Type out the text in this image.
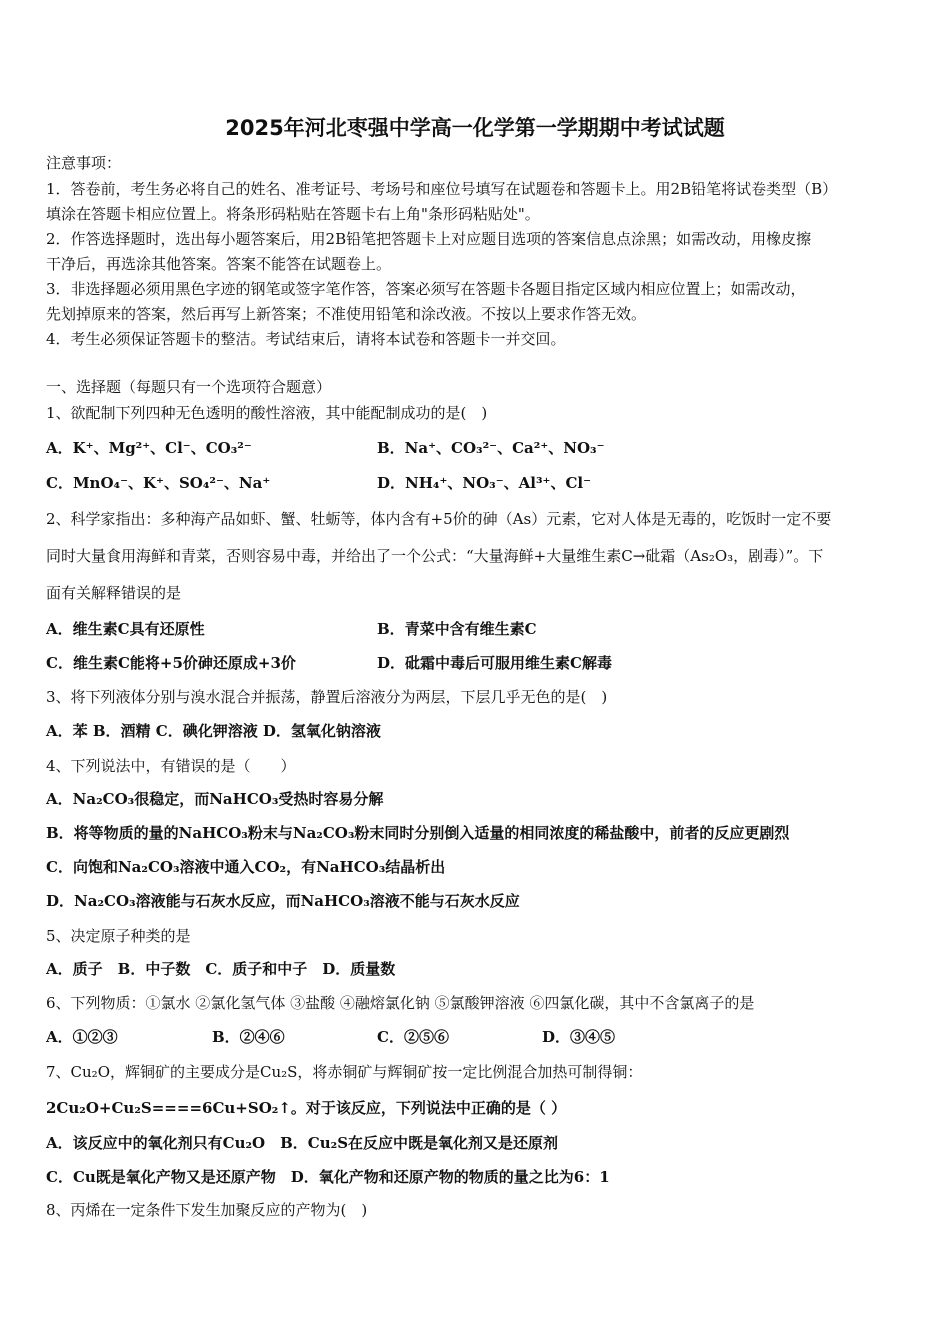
2025年河北枣强中学高一化学第一学期期中考试试题
注意事项：
1．答卷前，考生务必将自己的姓名、准考证号、考场号和座位号填写在试题卷和答题卡上。用2B铅笔将试卷类型（B）
填涂在答题卡相应位置上。将条形码粘贴在答题卡右上角"条形码粘贴处"。
2．作答选择题时，选出每小题答案后，用2B铅笔把答题卡上对应题目选项的答案信息点涂黑；如需改动，用橡皮擦
干净后，再选涂其他答案。答案不能答在试题卷上。
3．非选择题必须用黑色字迹的钢笔或签字笔作答，答案必须写在答题卡各题目指定区域内相应位置上；如需改动，
先划掉原来的答案，然后再写上新答案；不准使用铅笔和涂改液。不按以上要求作答无效。
4．考生必须保证答题卡的整洁。考试结束后，请将本试卷和答题卡一并交回。
一、选择题（每题只有一个选项符合题意）
1、欲配制下列四种无色透明的酸性溶液，其中能配制成功的是(　)
A．K⁺、Mg²⁺、Cl⁻、CO₃²⁻	B．Na⁺、CO₃²⁻、Ca²⁺、NO₃⁻
C．MnO₄⁻、K⁺、SO₄²⁻、Na⁺	D．NH₄⁺、NO₃⁻、Al³⁺、Cl⁻
2、科学家指出：多种海产品如虾、蟹、牡蛎等，体内含有+5价的砷（As）元素，它对人体是无毒的，吃饭时一定不要
同时大量食用海鲜和青菜，否则容易中毒，并给出了一个公式：“大量海鲜+大量维生素C→砒霜（As₂O₃，剧毒）”。下
面有关解释错误的是
A．维生素C具有还原性	B．青菜中含有维生素C
C．维生素C能将+5价砷还原成+3价	D．砒霜中毒后可服用维生素C解毒
3、将下列液体分别与溴水混合并振荡，静置后溶液分为两层，下层几乎无色的是(　)
A．苯 B．酒精 C．碘化钾溶液 D．氢氧化钠溶液
4、下列说法中，有错误的是（　　）
A．Na₂CO₃很稳定，而NaHCO₃受热时容易分解
B．将等物质的量的NaHCO₃粉末与Na₂CO₃粉末同时分别倒入适量的相同浓度的稀盐酸中，前者的反应更剧烈
C．向饱和Na₂CO₃溶液中通入CO₂，有NaHCO₃结晶析出
D．Na₂CO₃溶液能与石灰水反应，而NaHCO₃溶液不能与石灰水反应
5、决定原子种类的是
A．质子　B．中子数　C．质子和中子　D．质量数
6、下列物质：①氯水 ②氯化氢气体 ③盐酸 ④融熔氯化钠 ⑤氯酸钾溶液 ⑥四氯化碳，其中不含氯离子的是
A．①②③	B．②④⑥	C．②⑤⑥	D．③④⑤
7、Cu₂O，辉铜矿的主要成分是Cu₂S，将赤铜矿与辉铜矿按一定比例混合加热可制得铜：
2Cu₂O+Cu₂S====6Cu+SO₂↑。对于该反应，下列说法中正确的是（ ）
A．该反应中的氧化剂只有Cu₂O　B．Cu₂S在反应中既是氧化剂又是还原剂
C．Cu既是氧化产物又是还原产物　D．氧化产物和还原产物的物质的量之比为6：1
8、丙烯在一定条件下发生加聚反应的产物为(　)
